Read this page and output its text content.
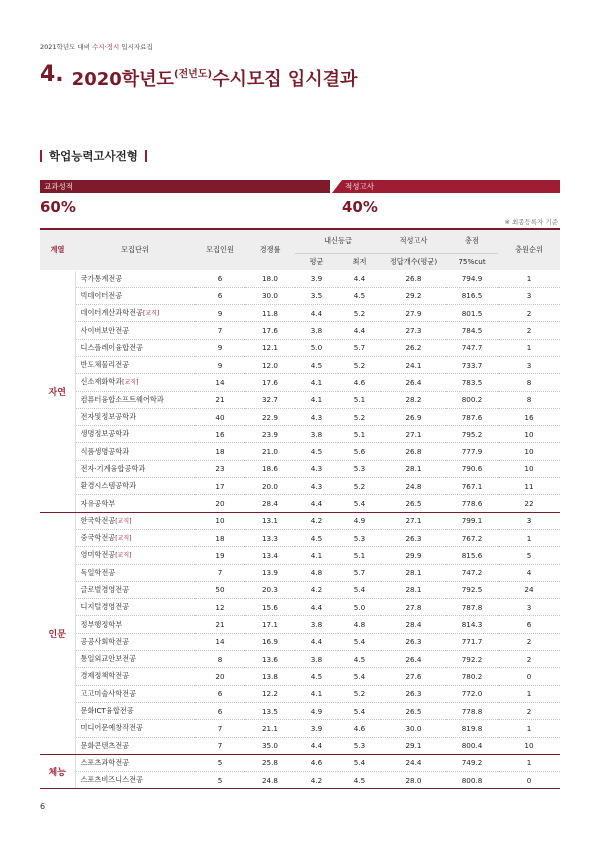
2021학년도 대비 수시·정시 입시자료집
4. 2020학년도 (전년도) 수시모집 입시결과
학업능력고사전형
교과성적	적성고사
60%	40%
※ 최종등록자 기준
계열	모집단위	모집인원	경쟁률	내신등급		적성고사	총점	충원순위
				평균	최저	정답개수(평균)	75%cut	
자연	국가통계전공	6	18.0	3.9	4.4	26.8	794.9	1
	빅데이터전공	6	30.0	3.5	4.5	29.2	816.5	3
	데이터계산과학전공[교직]	9	11.8	4.4	5.2	27.9	801.5	2
	사이버보안전공	7	17.6	3.8	4.4	27.3	784.5	2
	디스플레이융합전공	9	12.1	5.0	5.7	26.2	747.7	1
	반도체물리전공	9	12.0	4.5	5.2	24.1	733.7	3
	신소재화학과[교직]	14	17.6	4.1	4.6	26.4	783.5	8
	컴퓨터융합소프트웨어학과	21	32.7	4.1	5.1	28.2	800.2	8
	전자및정보공학과	40	22.9	4.3	5.2	26.9	787.6	16
	생명정보공학과	16	23.9	3.8	5.1	27.1	795.2	10
	식품생명공학과	18	21.0	4.5	5.6	26.8	777.9	10
	전자·기계융합공학과	23	18.6	4.3	5.3	28.1	790.6	10
	환경시스템공학과	17	20.0	4.3	5.2	24.8	767.1	11
	자유공학부	20	28.4	4.4	5.4	26.5	778.6	22
인문	한국학전공[교직]	10	13.1	4.2	4.9	27.1	799.1	3
	중국학전공[교직]	18	13.3	4.5	5.3	26.3	767.2	1
	영미학전공[교직]	19	13.4	4.1	5.1	29.9	815.6	5
	독일학전공	7	13.9	4.8	5.7	28.1	747.2	4
	글로벌경영전공	50	20.3	4.2	5.4	28.1	792.5	24
	디지털경영전공	12	15.6	4.4	5.0	27.8	787.8	3
	정부행정학부	21	17.1	3.8	4.8	28.4	814.3	6
	공공사회학전공	14	16.9	4.4	5.4	26.3	771.7	2
	통일외교안보전공	8	13.6	3.8	4.5	26.4	792.2	2
	경제정책학전공	20	13.8	4.5	5.4	27.6	780.2	0
	고고미술사학전공	6	12.2	4.1	5.2	26.3	772.0	1
	문화ICT융합전공	6	13.5	4.9	5.4	26.5	778.8	2
	미디어문예창작전공	7	21.1	3.9	4.6	30.0	819.8	1
	문화콘텐츠전공	7	35.0	4.4	5.3	29.1	800.4	10
체능	스포츠과학전공	5	25.8	4.6	5.4	24.4	749.2	1
	스포츠비즈니스전공	5	24.8	4.2	4.5	28.0	800.8	0
6
